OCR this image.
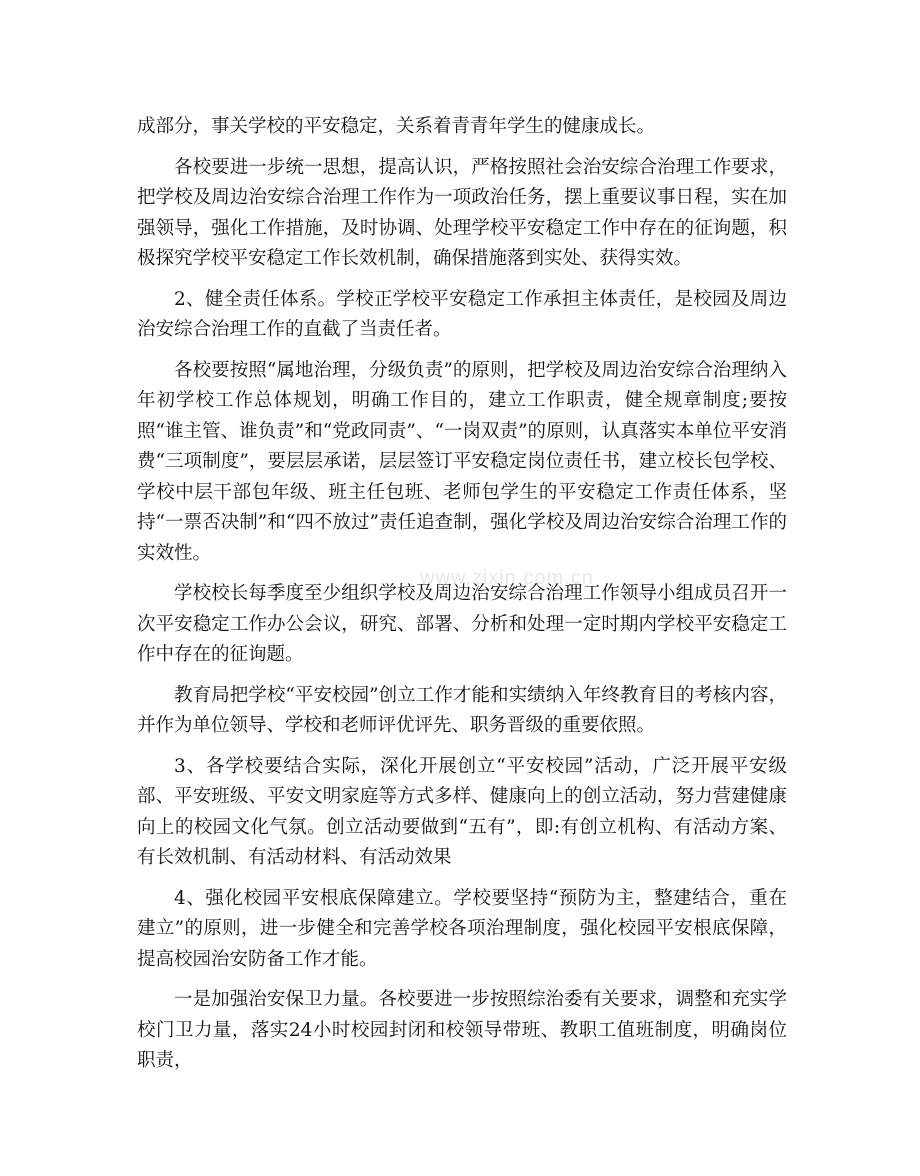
成部分，事关学校的平安稳定，关系着青青年学生的健康成长。

各校要进一步统一思想，提高认识，严格按照社会治安综合治理工作要求，把学校及周边治安综合治理工作作为一项政治任务，摆上重要议事日程，实在加强领导，强化工作措施，及时协调、处理学校平安稳定工作中存在的征询题，积极探究学校平安稳定工作长效机制，确保措施落到实处、获得实效。

2、健全责任体系。学校正学校平安稳定工作承担主体责任，是校园及周边治安综合治理工作的直截了当责任者。

各校要按照“属地治理，分级负责”的原则，把学校及周边治安综合治理纳入年初学校工作总体规划，明确工作目的，建立工作职责，健全规章制度;要按照“谁主管、谁负责”和“党政同责”、“一岗双责”的原则，认真落实本单位平安消费“三项制度”，要层层承诺，层层签订平安稳定岗位责任书，建立校长包学校、学校中层干部包年级、班主任包班、老师包学生的平安稳定工作责任体系，坚持“一票否决制”和“四不放过”责任追查制，强化学校及周边治安综合治理工作的实效性。

学校校长每季度至少组织学校及周边治安综合治理工作领导小组成员召开一次平安稳定工作办公会议，研究、部署、分析和处理一定时期内学校平安稳定工作中存在的征询题。

教育局把学校“平安校园”创立工作才能和实绩纳入年终教育目的考核内容，并作为单位领导、学校和老师评优评先、职务晋级的重要依照。

3、各学校要结合实际，深化开展创立“平安校园”活动，广泛开展平安级部、平安班级、平安文明家庭等方式多样、健康向上的创立活动，努力营建健康向上的校园文化气氛。创立活动要做到“五有”，即:有创立机构、有活动方案、有长效机制、有活动材料、有活动效果

4、强化校园平安根底保障建立。学校要坚持“预防为主，整建结合，重在建立”的原则，进一步健全和完善学校各项治理制度，强化校园平安根底保障，提高校园治安防备工作才能。

一是加强治安保卫力量。各校要进一步按照综治委有关要求，调整和充实学校门卫力量，落实24小时校园封闭和校领导带班、教职工值班制度，明确岗位职责，

www.zixin.com.cn
